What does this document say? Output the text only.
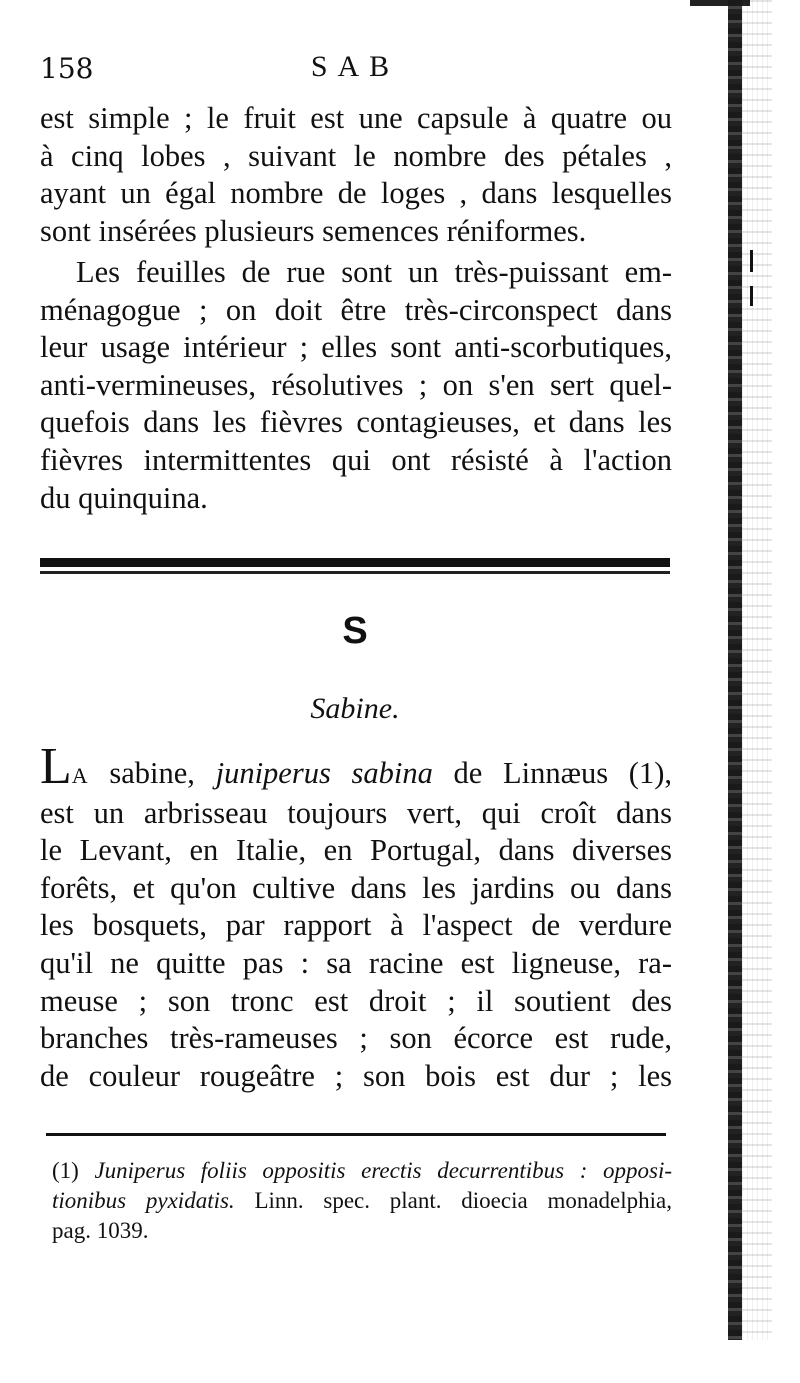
158	SAB
est simple ; le fruit est une capsule à quatre ou
à cinq lobes , suivant le nombre des pétales ,
ayant un égal nombre de loges , dans lesquelles
sont insérées plusieurs semences réniformes.
Les feuilles de rue sont un très-puissant em-
ménagogue ; on doit être très-circonspect dans
leur usage intérieur ; elles sont anti-scorbutiques,
anti-vermineuses, résolutives ; on s'en sert quel-
quefois dans les fièvres contagieuses, et dans les
fièvres intermittentes qui ont résisté à l'action
du quinquina.
S
Sabine.
LA sabine, juniperus sabina de Linnæus (1),
est un arbrisseau toujours vert, qui croît dans
le Levant, en Italie, en Portugal, dans diverses
forêts, et qu'on cultive dans les jardins ou dans
les bosquets, par rapport à l'aspect de verdure
qu'il ne quitte pas : sa racine est ligneuse, ra-
meuse ; son tronc est droit ; il soutient des
branches très-rameuses ; son écorce est rude,
de couleur rougeâtre ; son bois est dur ; les
(1) Juniperus foliis oppositis erectis decurrentibus : opposi-
tionibus pyxidatis. Linn. spec. plant. dioecia monadelphia,
pag. 1039.
